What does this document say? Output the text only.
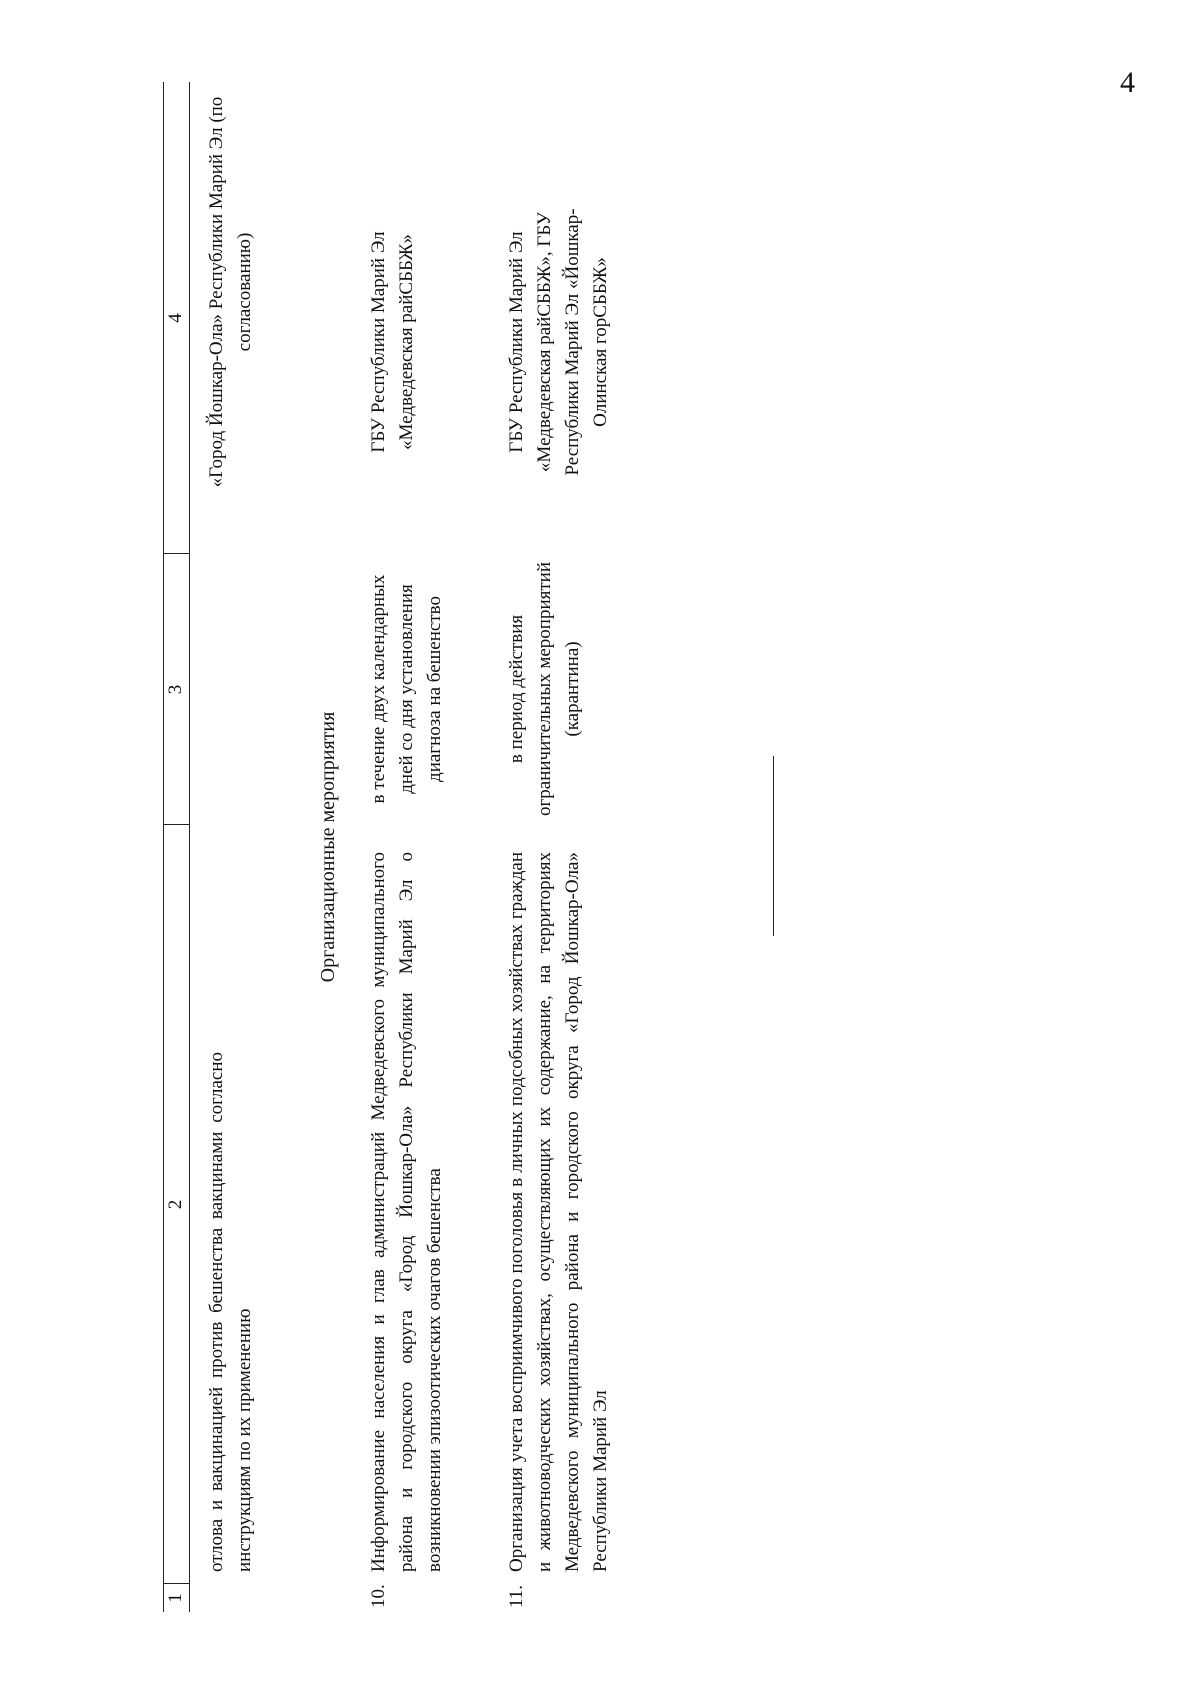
4
1
2
3
4
отлова и вакцинацией против бешенства вакцинами согласно инструкциям по их применению
«Город Йошкар-Ола» Республики Марий Эл (по согласованию)
Организационные мероприятия
10.
Информирование населения и глав администраций Медведевского муниципального района и городского округа «Город Йошкар-Ола» Республики Марий Эл о возникновении эпизоотических очагов бешенства
в течение двух календарных дней со дня установления диагноза на бешенство
ГБУ Республики Марий Эл «Медведевская райСББЖ»
11.
Организация учета восприимчивого поголовья в личных подсобных хозяйствах граждан и животноводческих хозяйствах, осуществляющих их содержание, на территориях Медведевского муниципального района и городского округа «Город Йошкар-Ола» Республики Марий Эл
в период действия ограничительных мероприятий (карантина)
ГБУ Республики Марий Эл «Медведевская райСББЖ», ГБУ Республики Марий Эл «Йошкар-Олинская горСББЖ»
